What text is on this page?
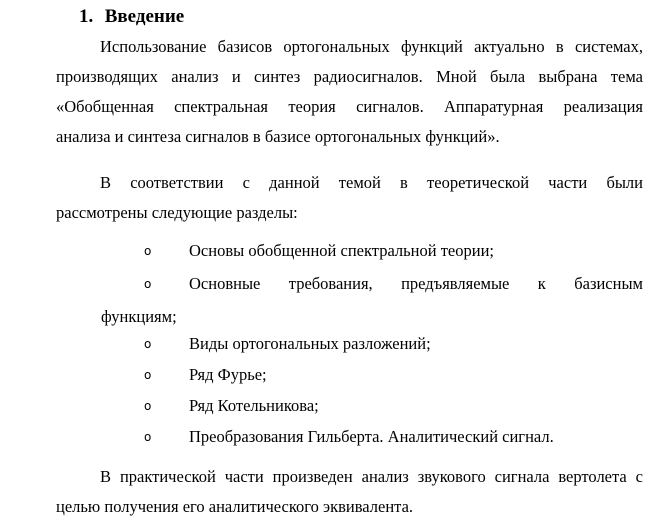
1. Введение
Использование базисов ортогональных функций актуально в системах,
производящих анализ и синтез радиосигналов. Мной была выбрана тема
«Обобщенная спектральная теория сигналов. Аппаратурная реализация
анализа и синтеза сигналов в базисе ортогональных функций».
В соответствии с данной темой в теоретической части были
рассмотрены следующие разделы:
o Основы обобщенной спектральной теории;
o Основные требования, предъявляемые к базисным
o Виды ортогональных разложений;
o Ряд Фурье;
o Ряд Котельникова;
o Преобразования Гильберта. Аналитический сигнал.
функциям;
В практической части произведен анализ звукового сигнала вертолета с
целью получения его аналитического эквивалента.
